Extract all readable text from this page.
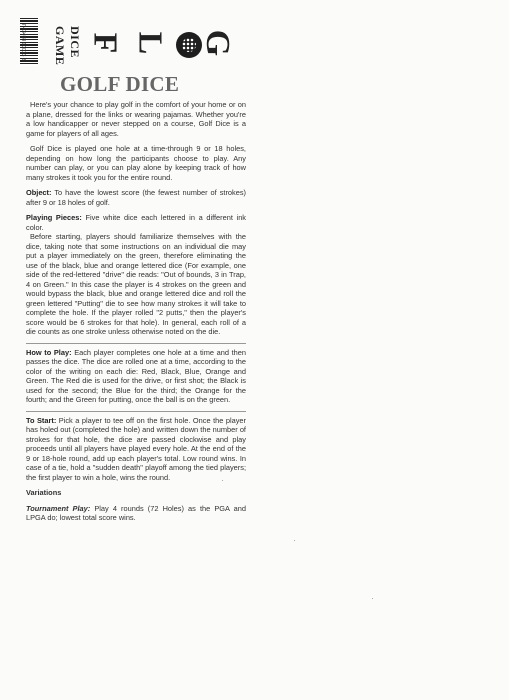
7 43458 10013 3	DICE
GAME F L G
GOLF DICE

Here's your chance to play golf in the comfort of your home or on a plane, dressed for the links or wearing pajamas. Whether you're a low handicapper or never stepped on a course, Golf Dice is a game for players of all ages.

Golf Dice is played one hole at a time-through 9 or 18 holes, depending on how long the participants choose to play. Any number can play, or you can play alone by keeping track of how many strokes it took you for the entire round.

Object: To have the lowest score (the fewest number of strokes) after 9 or 18 holes of golf.

Playing Pieces: Five white dice each lettered in a different ink color.

Before starting, players should familiarize themselves with the dice, taking note that some instructions on an individual die may put a player immediately on the green, therefore eliminating the use of the black, blue and orange lettered dice (For example, one side of the red-lettered "drive" die reads: "Out of bounds, 3 in Trap, 4 on Green." In this case the player is 4 strokes on the green and would bypass the black, blue and orange lettered dice and roll the green lettered "Putting" die to see how many strokes it will take to complete the hole. If the player rolled "2 putts," then the player's score would be 6 strokes for that hole). In general, each roll of a die counts as one stroke unless otherwise noted on the die.

How to Play: Each player completes one hole at a time and then passes the dice. The dice are rolled one at a time, according to the color of the writing on each die: Red, Black, Blue, Orange and Green. The Red die is used for the drive, or first shot; the Black is used for the second; the Blue for the third; the Orange for the fourth; and the Green for putting, once the ball is on the green.

To Start: Pick a player to tee off on the first hole. Once the player has holed out (completed the hole) and written down the number of strokes for that hole, the dice are passed clockwise and play proceeds until all players have played every hole. At the end of the 9 or 18-hole round, add up each player's total. Low round wins. In case of a tie, hold a "sudden death" playoff among the tied players; the first player to win a hole, wins the round.

Variations

Tournament Play: Play 4 rounds (72 Holes) as the PGA and LPGA do; lowest total score wins.
